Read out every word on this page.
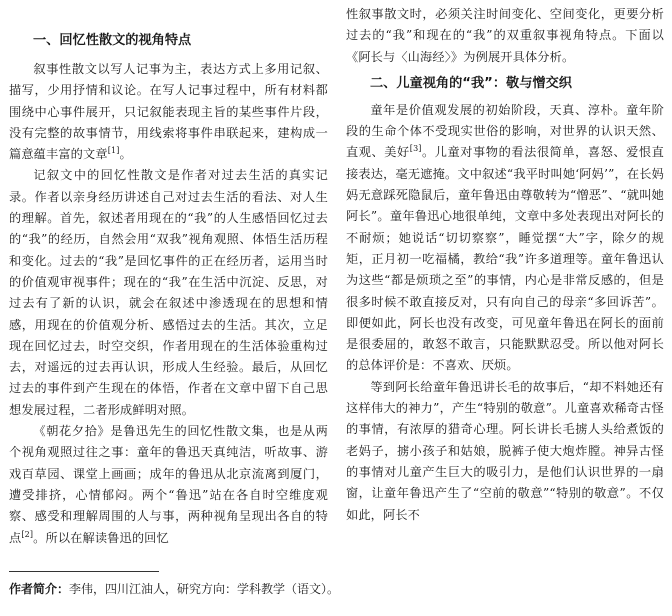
一、回忆性散文的视角特点

叙事性散文以写人记事为主，表达方式上多用记叙、描写，少用抒情和议论。在写人记事过程中，所有材料都围绕中心事件展开，只记叙能表现主旨的某些事件片段，没有完整的故事情节，用线索将事件串联起来，建构成一篇意蕴丰富的文章[1]。

记叙文中的回忆性散文是作者对过去生活的真实记录。作者以亲身经历讲述自己对过去生活的看法、对人生的理解。首先，叙述者用现在的“我”的人生感悟回忆过去的“我”的经历，自然会用“双我”视角观照、体悟生活历程和变化。过去的“我”是回忆事件的正在经历者，运用当时的价值观审视事件；现在的“我”在生活中沉淀、反思，对过去有了新的认识，就会在叙述中渗透现在的思想和情感，用现在的价值观分析、感悟过去的生活。其次，立足现在回忆过去，时空交织，作者用现在的生活体验重构过去，对遥远的过去再认识，形成人生经验。最后，从回忆过去的事件到产生现在的体悟，作者在文章中留下自己思想发展过程，二者形成鲜明对照。

《朝花夕拾》是鲁迅先生的回忆性散文集，也是从两个视角观照过往之事：童年的鲁迅天真纯洁，听故事、游戏百草园、课堂上画画；成年的鲁迅从北京流离到厦门，遭受排挤，心情郁闷。两个“鲁迅”站在各自时空维度观察、感受和理解周围的人与事，两种视角呈现出各自的特点[2]。所以在解读鲁迅的回忆

性叙事散文时，必须关注时间变化、空间变化，更要分析过去的“我”和现在的“我”的双重叙事视角特点。下面以《阿长与〈山海经〉》为例展开具体分析。

二、儿童视角的“我”：敬与憎交织

童年是价值观发展的初始阶段，天真、淳朴。童年阶段的生命个体不受现实世俗的影响，对世界的认识天然、直观、美好[3]。儿童对事物的看法很简单，喜怒、爱恨直接表达，毫无遮掩。文中叙述“我平时叫她‘阿妈’”，在长妈妈无意踩死隐鼠后，童年鲁迅由尊敬转为“憎恶”、“就叫她阿长”。童年鲁迅心地很单纯，文章中多处表现出对阿长的不耐烦；她说话“切切察察”，睡觉摆“大”字，除夕的规矩，正月初一吃福橘，教给“我”许多道理等。童年鲁迅认为这些“都是烦琐之至”的事情，内心是非常反感的，但是很多时候不敢直接反对，只有向自己的母亲“多回诉苦”。即便如此，阿长也没有改变，可见童年鲁迅在阿长的面前是很委屈的，敢怒不敢言，只能默默忍受。所以他对阿长的总体评价是：不喜欢、厌烦。

等到阿长给童年鲁迅讲长毛的故事后，“却不料她还有这样伟大的神力”，产生“特别的敬意”。儿童喜欢稀奇古怪的事情，有浓厚的猎奇心理。阿长讲长毛掳人头给煮饭的老妈子，掳小孩子和姑娘，脱裤子使大炮炸膛。神异古怪的事情对儿童产生巨大的吸引力，是他们认识世界的一扇窗，让童年鲁迅产生了“空前的敬意”“特别的敬意”。不仅如此，阿长不

作者简介：李伟，四川江油人，研究方向：学科教学（语文）。
